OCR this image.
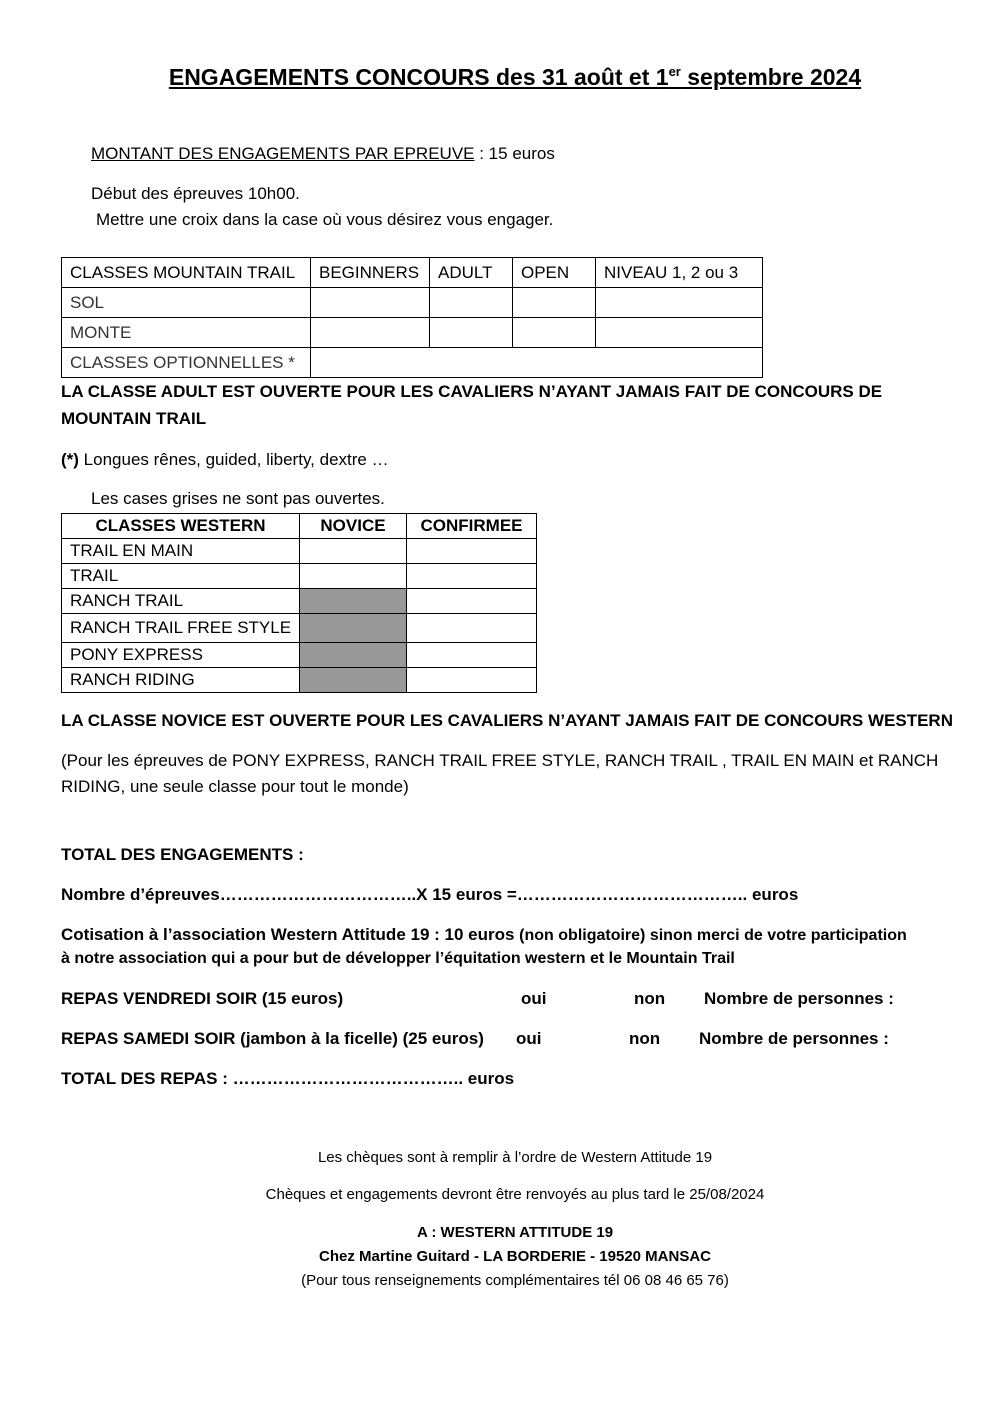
ENGAGEMENTS CONCOURS des 31 août et 1er septembre 2024
MONTANT DES ENGAGEMENTS PAR EPREUVE : 15 euros
Début des épreuves 10h00.
Mettre une croix dans la case où vous désirez vous engager.
CLASSES MOUNTAIN TRAIL	BEGINNERS	ADULT	OPEN	NIVEAU 1, 2 ou 3
SOL				
MONTE				
CLASSES OPTIONNELLES *				
LA CLASSE ADULT EST OUVERTE POUR LES CAVALIERS N’AYANT JAMAIS FAIT DE CONCOURS DE
MOUNTAIN TRAIL
(*) Longues rênes, guided, liberty, dextre …
Les cases grises ne sont pas ouvertes.
CLASSES WESTERN	NOVICE	CONFIRMEE
TRAIL EN MAIN		
TRAIL		
RANCH TRAIL		
RANCH TRAIL FREE STYLE		
PONY EXPRESS		
RANCH RIDING		
LA CLASSE NOVICE EST OUVERTE POUR LES CAVALIERS N’AYANT JAMAIS FAIT DE CONCOURS WESTERN
(Pour les épreuves de PONY EXPRESS, RANCH TRAIL FREE STYLE, RANCH TRAIL , TRAIL EN MAIN et RANCH
RIDING, une seule classe pour tout le monde)
TOTAL DES ENGAGEMENTS :
Nombre d’épreuves……………………………..X 15 euros =………………………………….. euros
Cotisation à l’association Western Attitude 19 : 10 euros (non obligatoire) sinon merci de votre participation
à notre association qui a pour but de développer l’équitation western et le Mountain Trail
REPAS VENDREDI SOIR (15 euros)	oui	non Nombre de personnes :
REPAS SAMEDI SOIR (jambon à la ficelle) (25 euros) oui	non Nombre de personnes :
TOTAL DES REPAS : ………………………………….. euros
Les chèques sont à remplir à l’ordre de Western Attitude 19
Chèques et engagements devront être renvoyés au plus tard le 25/08/2024
A : WESTERN ATTITUDE 19
Chez Martine Guitard - LA BORDERIE - 19520 MANSAC
(Pour tous renseignements complémentaires tél 06 08 46 65 76)
